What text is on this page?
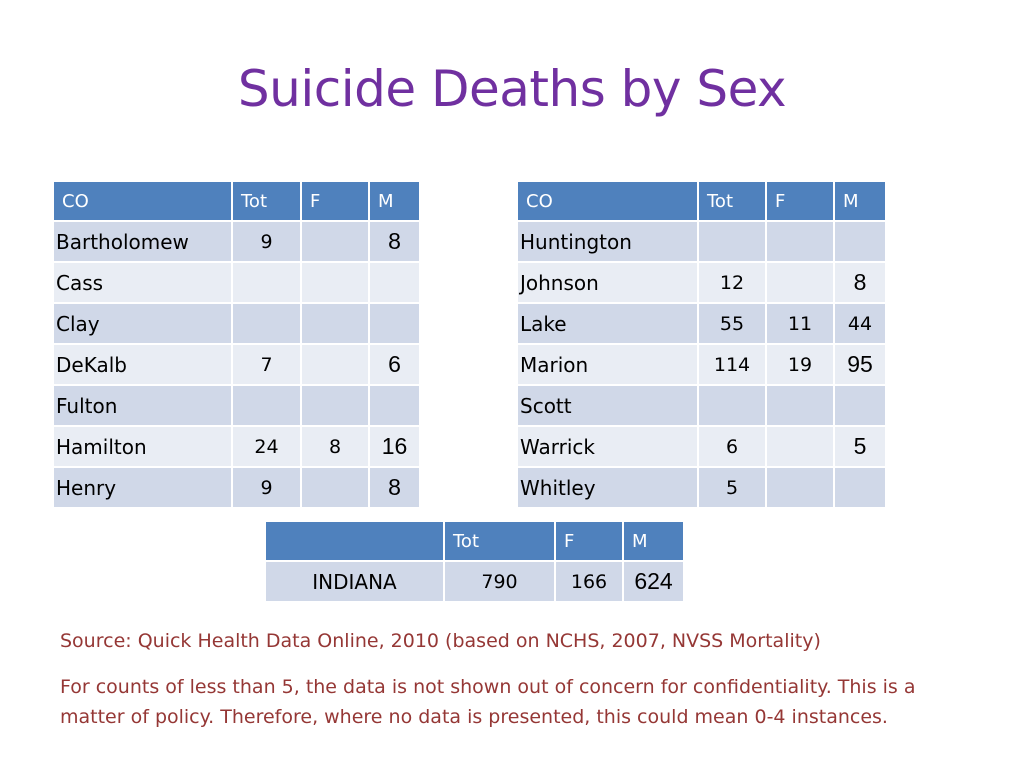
Suicide Deaths by Sex
CO	Tot	F	M
Bartholomew	9		8
Cass			
Clay			
DeKalb	7		6
Fulton			
Hamilton	24	8	16
Henry	9		8
CO	Tot	F	M
Huntington			
Johnson	12		8
Lake	55	11	44
Marion	114	19	95
Scott			
Warrick	6		5
Whitley	5		
	Tot	F	M
INDIANA	790	166	624
Source: Quick Health Data Online, 2010 (based on NCHS, 2007, NVSS Mortality)
For counts of less than 5, the data is not shown out of concern for confidentiality. This is a matter of policy. Therefore, where no data is presented, this could mean 0-4 instances.
